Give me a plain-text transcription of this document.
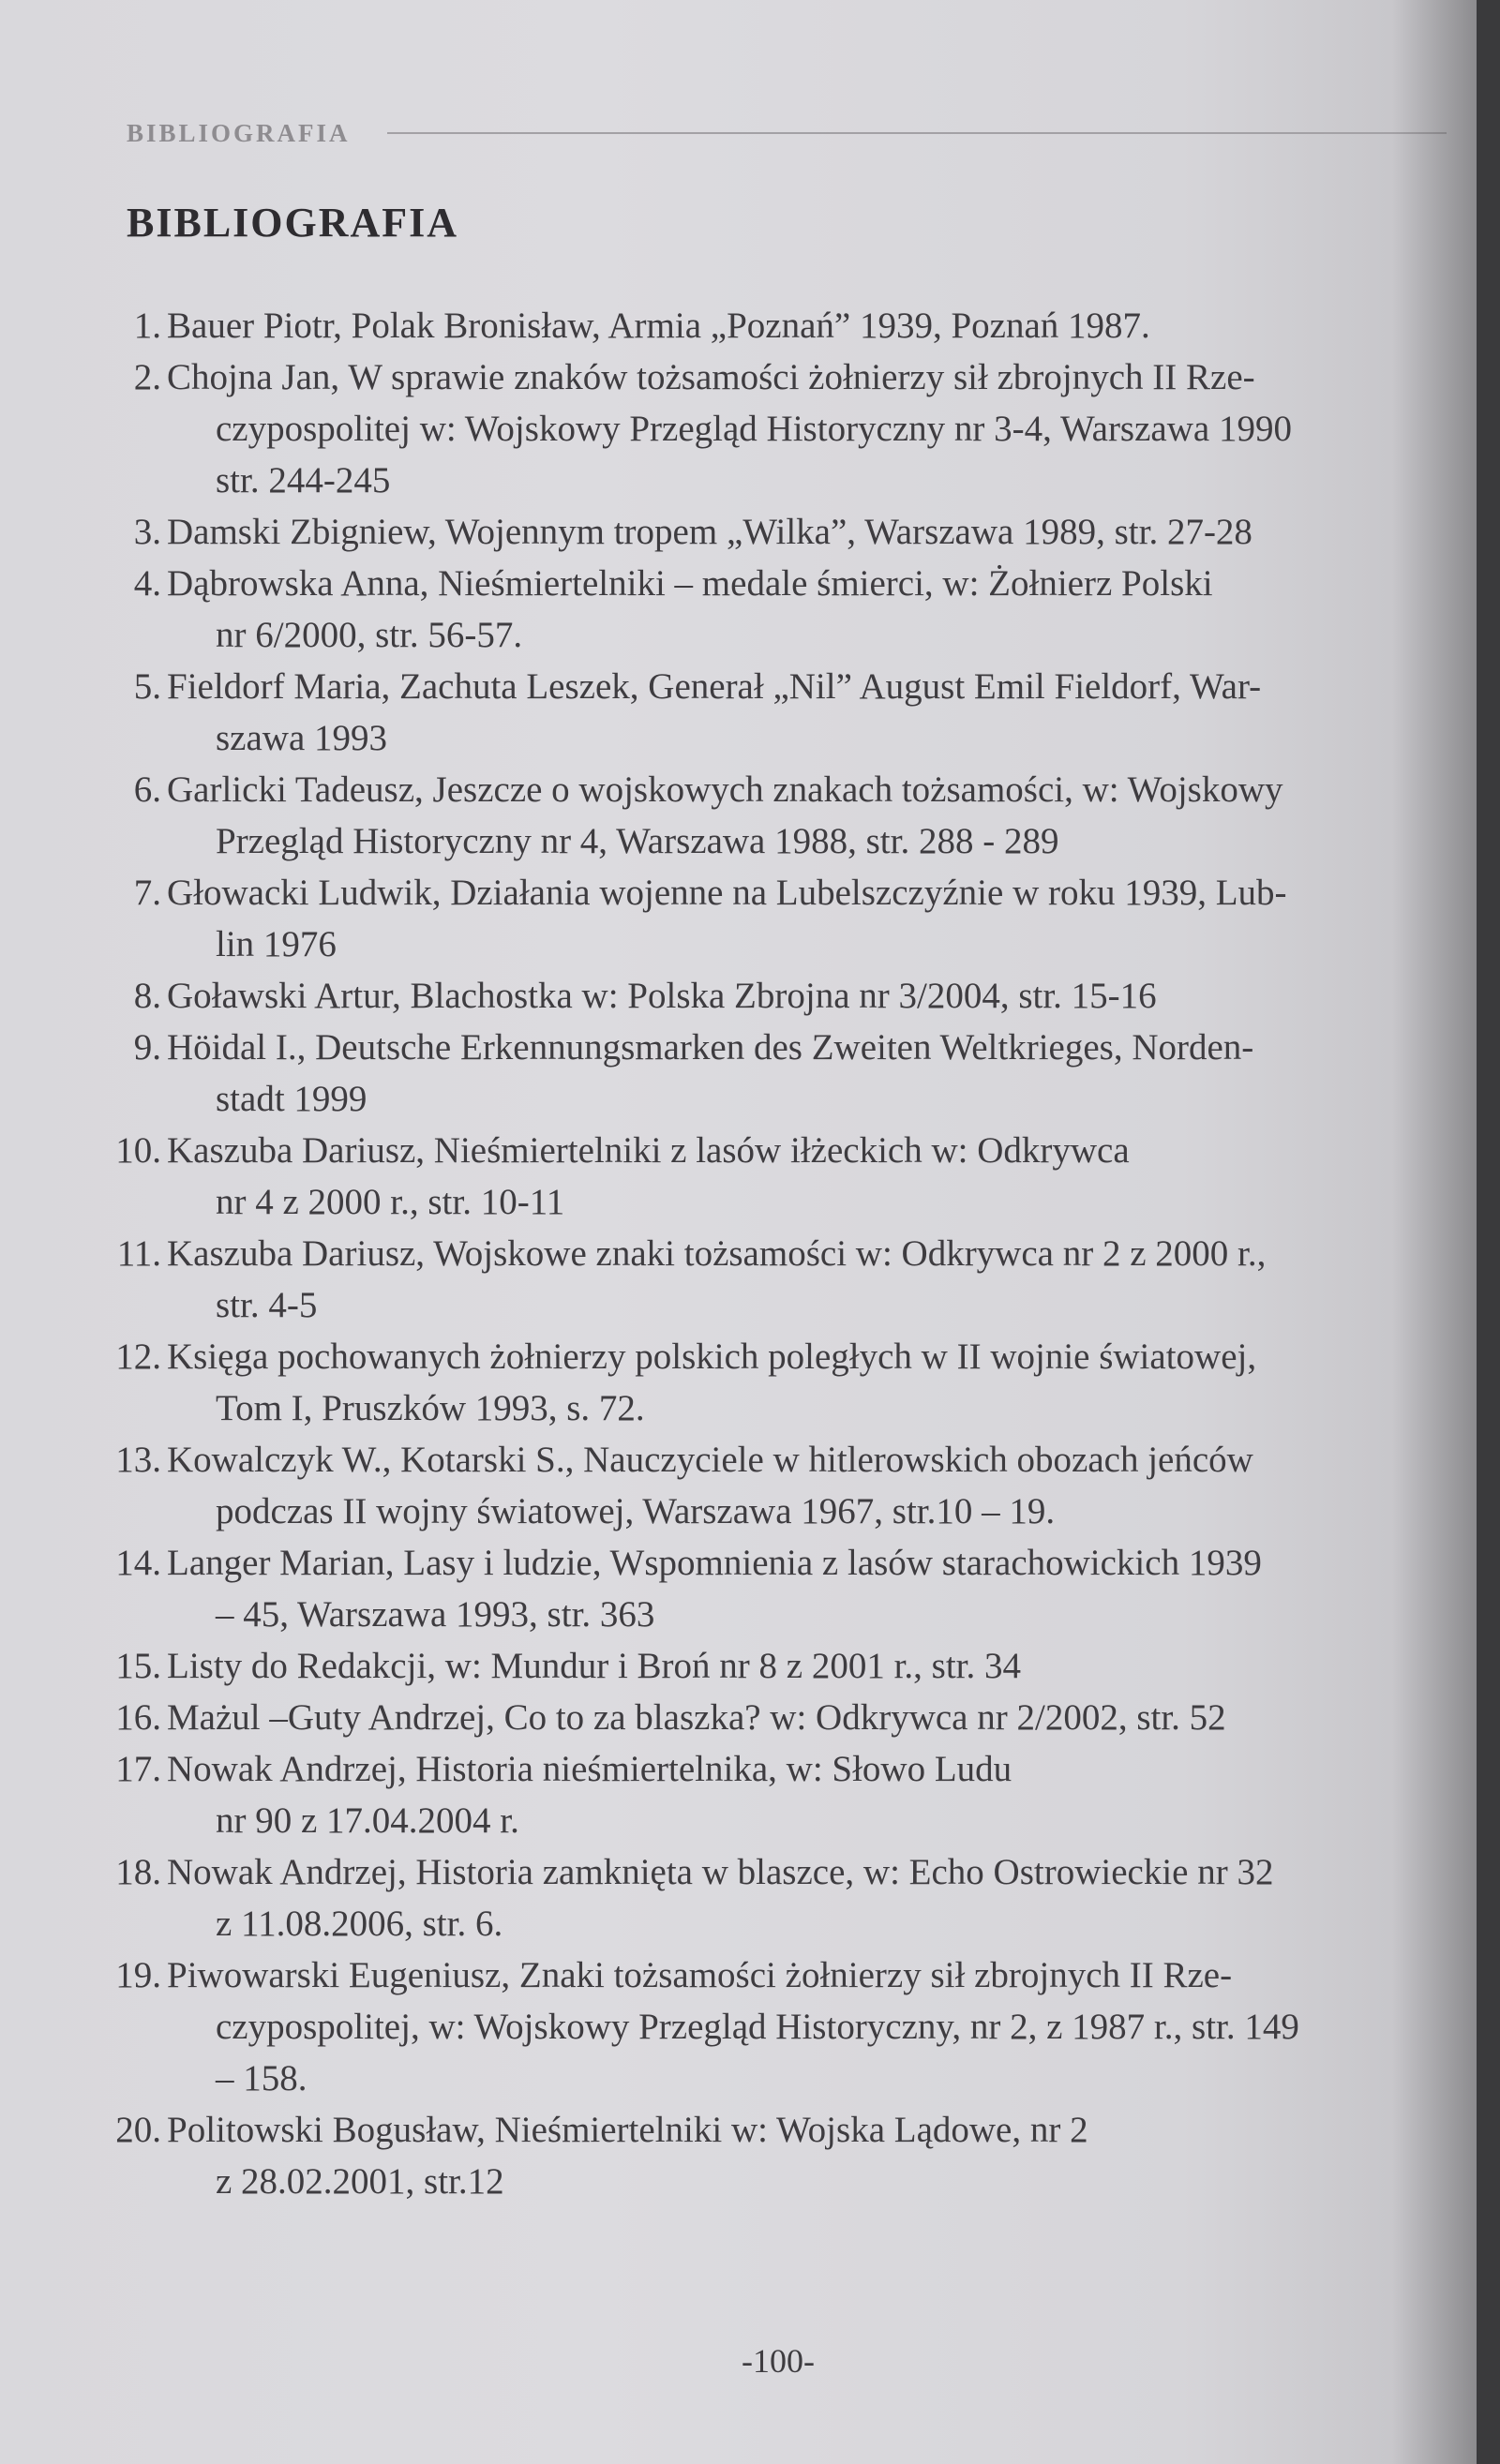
BIBLIOGRAFIA
BIBLIOGRAFIA
1. Bauer Piotr, Polak Bronisław, Armia „Poznań” 1939, Poznań 1987.
2. Chojna Jan, W sprawie znaków tożsamości żołnierzy sił zbrojnych II Rze-
czypospolitej w: Wojskowy Przegląd Historyczny nr 3-4, Warszawa 1990
str. 244-245
3. Damski Zbigniew, Wojennym tropem „Wilka”, Warszawa 1989, str. 27-28
4. Dąbrowska Anna, Nieśmiertelniki – medale śmierci, w: Żołnierz Polski
nr 6/2000, str. 56-57.
5. Fieldorf Maria, Zachuta Leszek, Generał „Nil” August Emil Fieldorf, War-
szawa 1993
6. Garlicki Tadeusz, Jeszcze o wojskowych znakach tożsamości, w: Wojskowy
Przegląd Historyczny nr 4, Warszawa 1988, str. 288 - 289
7. Głowacki Ludwik, Działania wojenne na Lubelszczyźnie w roku 1939, Lub-
lin 1976
8. Goławski Artur, Blachostka w: Polska Zbrojna nr 3/2004, str. 15-16
9. Höidal I., Deutsche Erkennungsmarken des Zweiten Weltkrieges, Norden-
stadt 1999
10. Kaszuba Dariusz, Nieśmiertelniki z lasów iłżeckich w: Odkrywca
nr 4 z 2000 r., str. 10-11
11. Kaszuba Dariusz, Wojskowe znaki tożsamości w: Odkrywca nr 2 z 2000 r.,
str. 4-5
12. Księga pochowanych żołnierzy polskich poległych w II wojnie światowej,
Tom I, Pruszków 1993, s. 72.
13. Kowalczyk W., Kotarski S., Nauczyciele w hitlerowskich obozach jeńców
podczas II wojny światowej, Warszawa 1967, str.10 – 19.
14. Langer Marian, Lasy i ludzie, Wspomnienia z lasów starachowickich 1939
– 45, Warszawa 1993, str. 363
15. Listy do Redakcji, w: Mundur i Broń nr 8 z 2001 r., str. 34
16. Mażul –Guty Andrzej, Co to za blaszka? w: Odkrywca nr 2/2002, str. 52
17. Nowak Andrzej, Historia nieśmiertelnika, w: Słowo Ludu
nr 90 z 17.04.2004 r.
18. Nowak Andrzej, Historia zamknięta w blaszce, w: Echo Ostrowieckie nr 32
z 11.08.2006, str. 6.
19. Piwowarski Eugeniusz, Znaki tożsamości żołnierzy sił zbrojnych II Rze-
czypospolitej, w: Wojskowy Przegląd Historyczny, nr 2, z 1987 r., str. 149
– 158.
20. Politowski Bogusław, Nieśmiertelniki w: Wojska Lądowe, nr 2
z 28.02.2001, str.12
-100-
